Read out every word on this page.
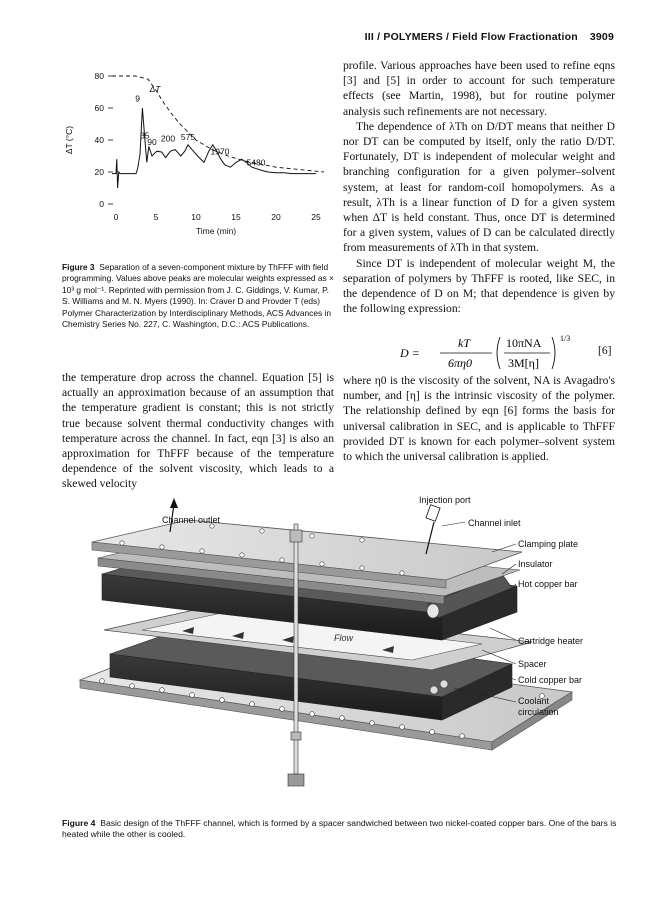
III / POLYMERS / Field Flow Fractionation 3909
0
20
40
60
80
0	5	10	15	20	25
Time (min)
ΔT (°C)
ΔT
9
35
90 200 575
1970
5480
Figure 3 Separation of a seven-component mixture by ThFFF with field programming. Values above peaks are molecular weights expressed as × 10³ g mol⁻¹. Reprinted with permission from J. C. Giddings, V. Kumar, P. S. Williams and M. N. Myers (1990). In: Craver D and Provder T (eds) Polymer Characterization by Interdisciplinary Methods, ACS Advances in Chemistry Series No. 227, C. Washington, D.C.: ACS Publications.

the temperature drop across the channel. Equation [5] is actually an approximation because of an assumption that the temperature gradient is constant; this is not strictly true because solvent thermal conductivity changes with temperature across the channel. In fact, eqn [3] is also an approximation for ThFFF because of the temperature dependence of the solvent viscosity, which leads to a skewed velocity

profile. Various approaches have been used to refine eqns [3] and [5] in order to account for such temperature effects (see Martin, 1998), but for routine polymer analysis such refinements are not necessary.

The dependence of λTh on D/DT means that neither D nor DT can be computed by itself, only the ratio D/DT. Fortunately, DT is independent of molecular weight and branching configuration for a given polymer–solvent system, at least for random-coil homopolymers. As a result, λTh is a linear function of D for a given system when ΔT is held constant. Thus, once DT is determined for a given system, values of D can be calculated directly from measurements of λTh in that system.

Since DT is independent of molecular weight M, the separation of polymers by ThFFF is rooted, like SEC, in the dependence of D on M; that dependence is given by the following expression:

D =
kT
6πη0
10πNA
3M[η]
1/3
[6]

where η0 is the viscosity of the solvent, NA is Avagadro's number, and [η] is the intrinsic viscosity of the polymer. The relationship defined by eqn [6] forms the basis for universal calibration in SEC, and is applicable to ThFFF provided DT is known for each polymer–solvent system to which the universal calibration is applied.

Flow
Injection port
Channel outlet	Channel inlet
Clamping plate
Insulator
Hot copper bar
Cartridge heater
Spacer
Cold copper bar
Coolant
circulation
Figure 4 Basic design of the ThFFF channel, which is formed by a spacer sandwiched between two nickel-coated copper bars. One of the bars is heated while the other is cooled.
